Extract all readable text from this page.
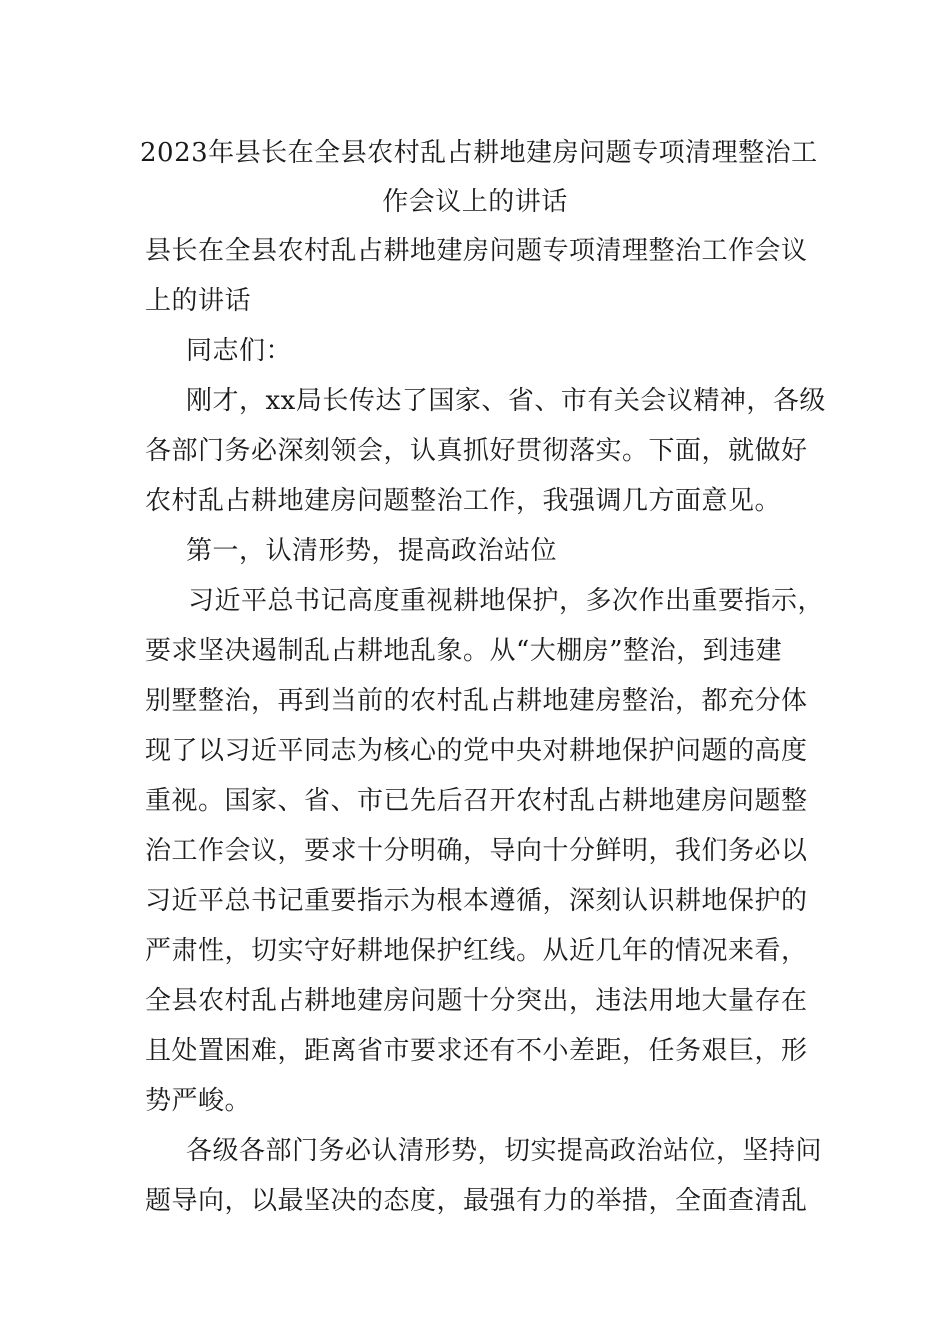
2023年县长在全县农村乱占耕地建房问题专项清理整治工
作会议上的讲话

县长在全县农村乱占耕地建房问题专项清理整治工作会议

上的讲话

同志们：

刚才，xx局长传达了国家、省、市有关会议精神，各级

各部门务必深刻领会，认真抓好贯彻落实。下面，就做好

农村乱占耕地建房问题整治工作，我强调几方面意见。

第一，认清形势，提高政治站位

习近平总书记高度重视耕地保护，多次作出重要指示，

要求坚决遏制乱占耕地乱象。从“大棚房”整治，到违建

别墅整治，再到当前的农村乱占耕地建房整治，都充分体

现了以习近平同志为核心的党中央对耕地保护问题的高度

重视。国家、省、市已先后召开农村乱占耕地建房问题整

治工作会议，要求十分明确，导向十分鲜明，我们务必以

习近平总书记重要指示为根本遵循，深刻认识耕地保护的

严肃性，切实守好耕地保护红线。从近几年的情况来看，

全县农村乱占耕地建房问题十分突出，违法用地大量存在

且处置困难，距离省市要求还有不小差距，任务艰巨，形

势严峻。

各级各部门务必认清形势，切实提高政治站位，坚持问

题导向，以最坚决的态度，最强有力的举措，全面查清乱
